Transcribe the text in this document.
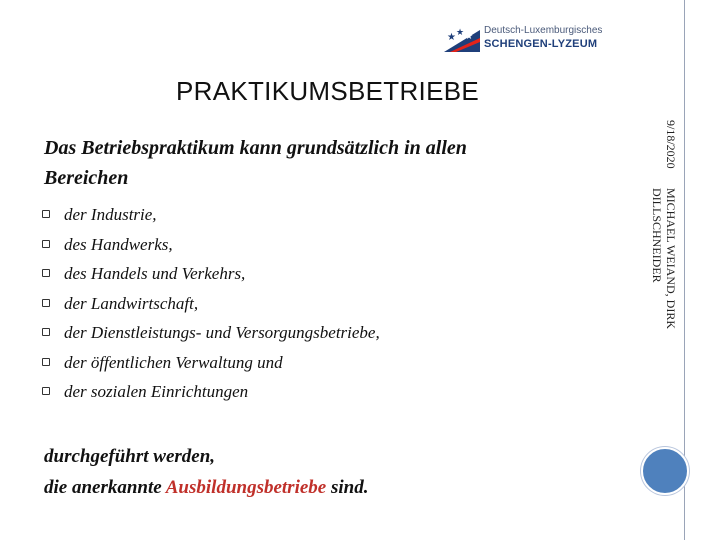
★ ★ ★
Deutsch-Luxemburgisches
SCHENGEN-LYZEUM
PRAKTIKUMSBETRIEBE
Das Betriebspraktikum kann grundsätzlich in allen Bereichen
der Industrie,
des Handwerks,
des Handels und Verkehrs,
der Landwirtschaft,
der Dienstleistungs- und Versorgungsbetriebe,
der öffentlichen Verwaltung und
der sozialen Einrichtungen
durchgeführt werden,
die anerkannte Ausbildungsbetriebe sind.
9/18/2020
MICHAEL WEIAND, DIRK DILLSCHNEIDER
